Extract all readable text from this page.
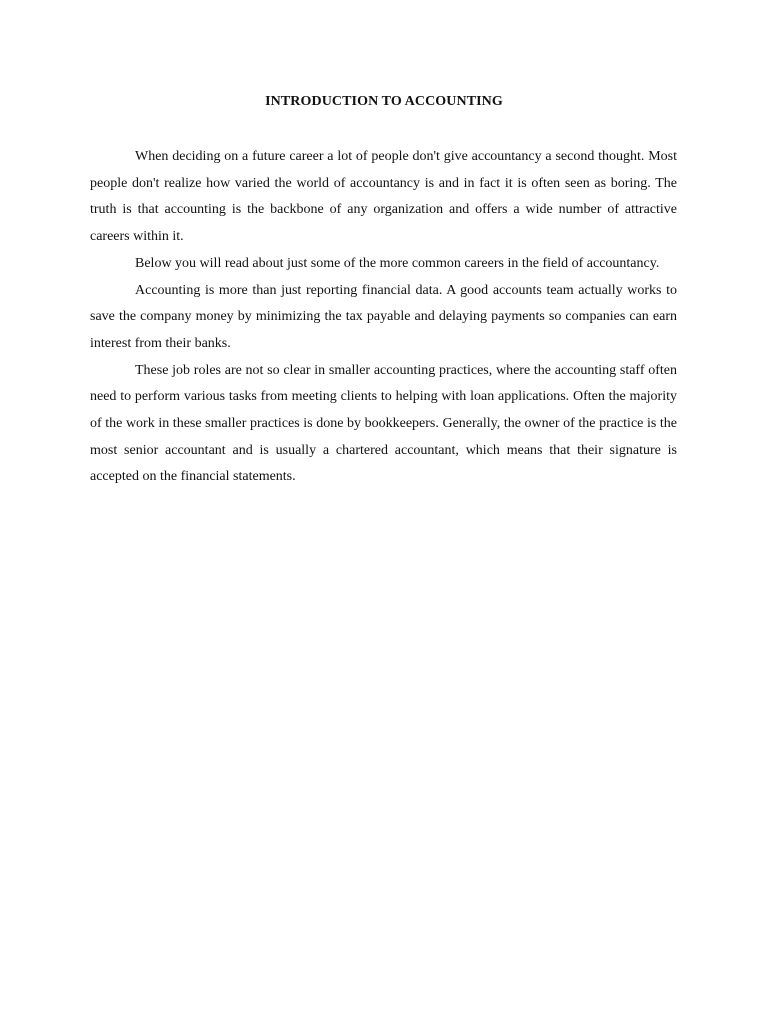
INTRODUCTION TO ACCOUNTING

When deciding on a future career a lot of people don't give accountancy a second thought. Most people don't realize how varied the world of accountancy is and in fact it is often seen as boring. The truth is that accounting is the backbone of any organization and offers a wide number of attractive careers within it.

Below you will read about just some of the more common careers in the field of accountancy.

Accounting is more than just reporting financial data. A good accounts team actually works to save the company money by minimizing the tax payable and delaying payments so companies can earn interest from their banks.

These job roles are not so clear in smaller accounting practices, where the accounting staff often need to perform various tasks from meeting clients to helping with loan applications. Often the majority of the work in these smaller practices is done by bookkeepers. Generally, the owner of the practice is the most senior accountant and is usually a chartered accountant, which means that their signature is accepted on the financial statements.
